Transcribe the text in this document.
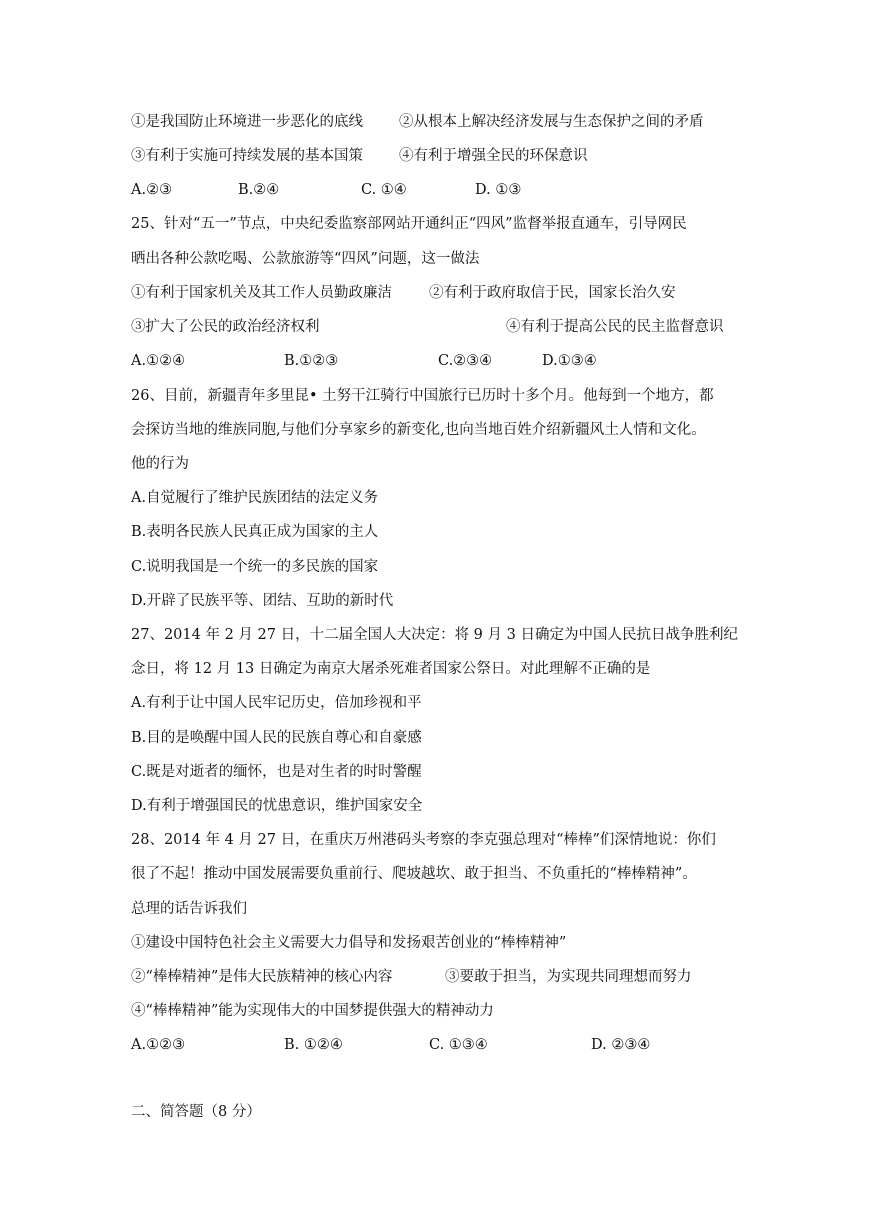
①是我国防止环境进一步恶化的底线 ②从根本上解决经济发展与生态保护之间的矛盾
③有利于实施可持续发展的基本国策 ④有利于增强全民的环保意识
A.②③	B.②④	C. ①④	D. ①③
25、针对“五一”节点，中央纪委监察部网站开通纠正“四风”监督举报直通车，引导网民
晒出各种公款吃喝、公款旅游等“四风”问题，这一做法
①有利于国家机关及其工作人员勤政廉洁	②有利于政府取信于民，国家长治久安
③扩大了公民的政治经济权利	④有利于提高公民的民主监督意识
A.①②④	B.①②③	C.②③④	D.①③④
26、目前，新疆青年多里昆• 土努干江骑行中国旅行已历时十多个月。他每到一个地方，都
会探访当地的维族同胞,与他们分享家乡的新变化,也向当地百姓介绍新疆风土人情和文化。
他的行为
A.自觉履行了维护民族团结的法定义务
B.表明各民族人民真正成为国家的主人
C.说明我国是一个统一的多民族的国家
D.开辟了民族平等、团结、互助的新时代
27、2014 年 2 月 27 日，十二届全国人大决定：将 9 月 3 日确定为中国人民抗日战争胜利纪
念日，将 12 月 13 日确定为南京大屠杀死难者国家公祭日。对此理解不正确的是
A.有利于让中国人民牢记历史，倍加珍视和平
B.目的是唤醒中国人民的民族自尊心和自豪感
C.既是对逝者的缅怀，也是对生者的时时警醒
D.有利于增强国民的忧患意识，维护国家安全
28、2014 年 4 月 27 日，在重庆万州港码头考察的李克强总理对“棒棒”们深情地说：你们
很了不起！推动中国发展需要负重前行、爬坡越坎、敢于担当、不负重托的“棒棒精神”。
总理的话告诉我们
①建设中国特色社会主义需要大力倡导和发扬艰苦创业的“棒棒精神”
②“棒棒精神”是伟大民族精神的核心内容	③要敢于担当，为实现共同理想而努力
④“棒棒精神”能为实现伟大的中国梦提供强大的精神动力
A.①②③	B. ①②④	C. ①③④	D. ②③④
二、简答题（8 分）
